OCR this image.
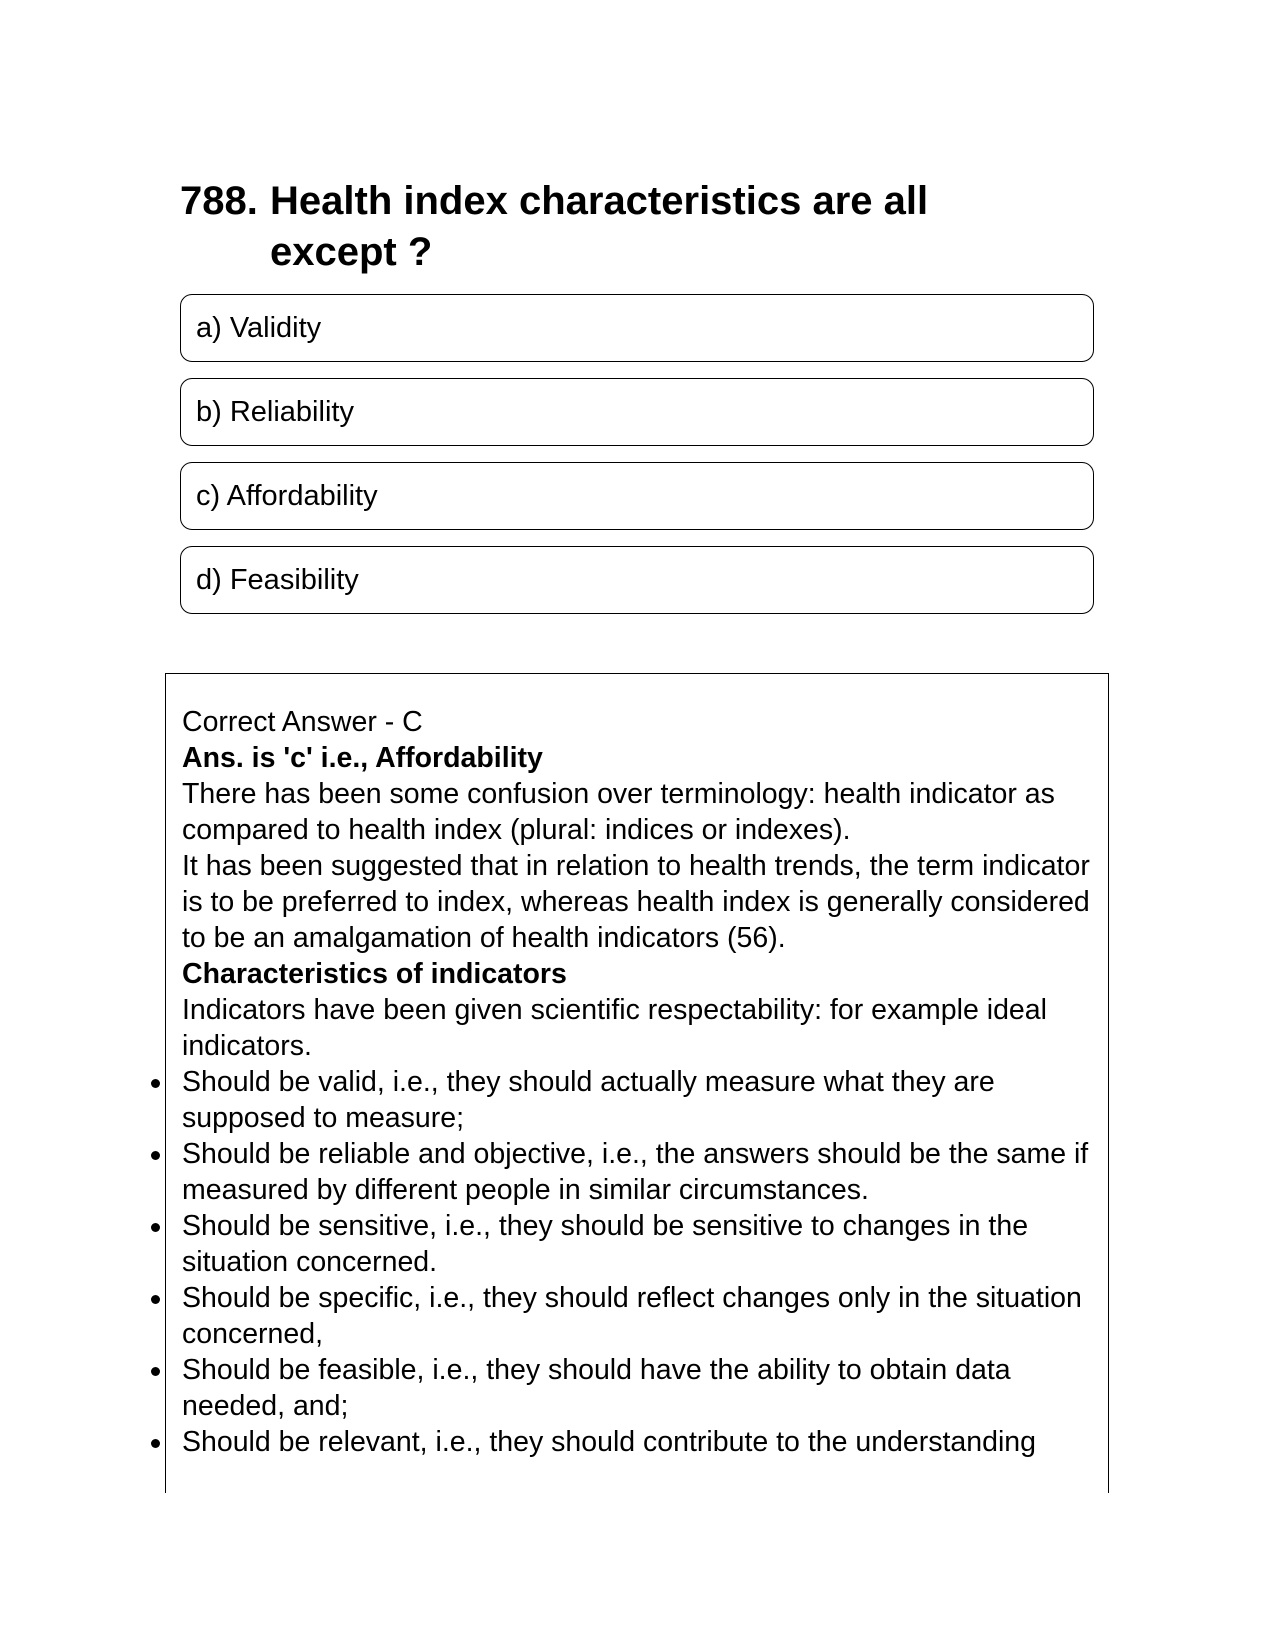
788. Health index characteristics are all except ?
a) Validity
b) Reliability
c) Affordability
d) Feasibility
Correct Answer - C
Ans. is 'c' i.e., Affordability
There has been some confusion over terminology: health indicator as compared to health index (plural: indices or indexes).
It has been suggested that in relation to health trends, the term indicator is to be preferred to index, whereas health index is generally considered to be an amalgamation of health indicators (56).
Characteristics of indicators
Indicators have been given scientific respectability: for example ideal indicators.
Should be valid, i.e., they should actually measure what they are supposed to measure;
Should be reliable and objective, i.e., the answers should be the same if measured by different people in similar circumstances.
Should be sensitive, i.e., they should be sensitive to changes in the situation concerned.
Should be specific, i.e., they should reflect changes only in the situation concerned,
Should be feasible, i.e., they should have the ability to obtain data needed, and;
Should be relevant, i.e., they should contribute to the understanding
